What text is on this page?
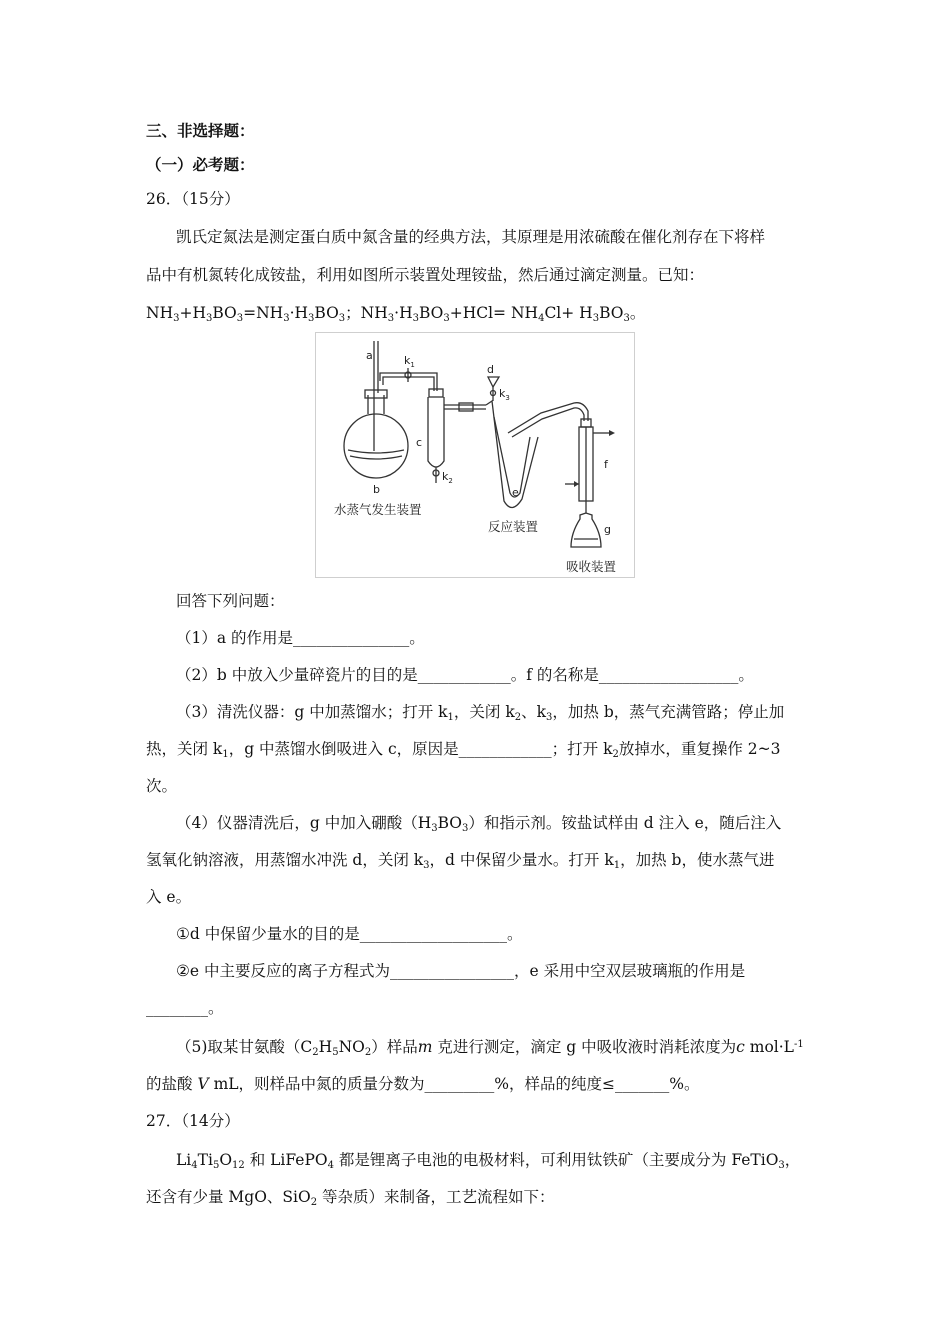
三、非选择题：
（一）必考题：
26．（15分）
凯氏定氮法是测定蛋白质中氮含量的经典方法，其原理是用浓硫酸在催化剂存在下将样
品中有机氮转化成铵盐，利用如图所示装置处理铵盐，然后通过滴定测量。已知：
$NH_3+H_3BO_3=NH_3\cdot H_3BO_3$；$NH_3\cdot H_3BO_3+HCl= NH_4Cl+ H_3BO_3$。
a	$k_1$	d
$k_3$
c
$k_2$
b	e
f
g
水蒸气发生装置
反应装置
吸收装置
回答下列问题：
（1）a 的作用是_______________。
（2）b 中放入少量碎瓷片的目的是____________。f 的名称是__________________。
（3）清洗仪器：g 中加蒸馏水；打开 $k_1$，关闭 $k_2$、$k_3$，加热 b，蒸气充满管路；停止加
热，关闭 $k_1$，g 中蒸馏水倒吸进入 c，原因是____________；打开 $k_2$放掉水，重复操作 2~3
次。
（4）仪器清洗后，g 中加入硼酸$(H_3BO_3)$和指示剂。铵盐试样由 d 注入 e，随后注入
氢氧化钠溶液，用蒸馏水冲洗 d，关闭 $k_3$，d 中保留少量水。打开 $k_1$，加热 b，使水蒸气进
入 e。
①d 中保留少量水的目的是___________________。
②e 中主要反应的离子方程式为________________，e 采用中空双层玻璃瓶的作用是
________。
（5)取某甘氨酸$(C_2H_5NO_2)$样品m 克进行测定，滴定 g 中吸收液时消耗浓度为c $mol\cdot L^{-1}$
的盐酸 V mL，则样品中氮的质量分数为_________%，样品的纯度≤_______%。
27．（14分）
$Li_4Ti_5O_{12}$ 和 LiFePO$_4$ 都是锂离子电池的电极材料，可利用钛铁矿（主要成分为 FeTiO$_3$，
还含有少量 MgO、SiO$_2$ 等杂质）来制备，工艺流程如下：
